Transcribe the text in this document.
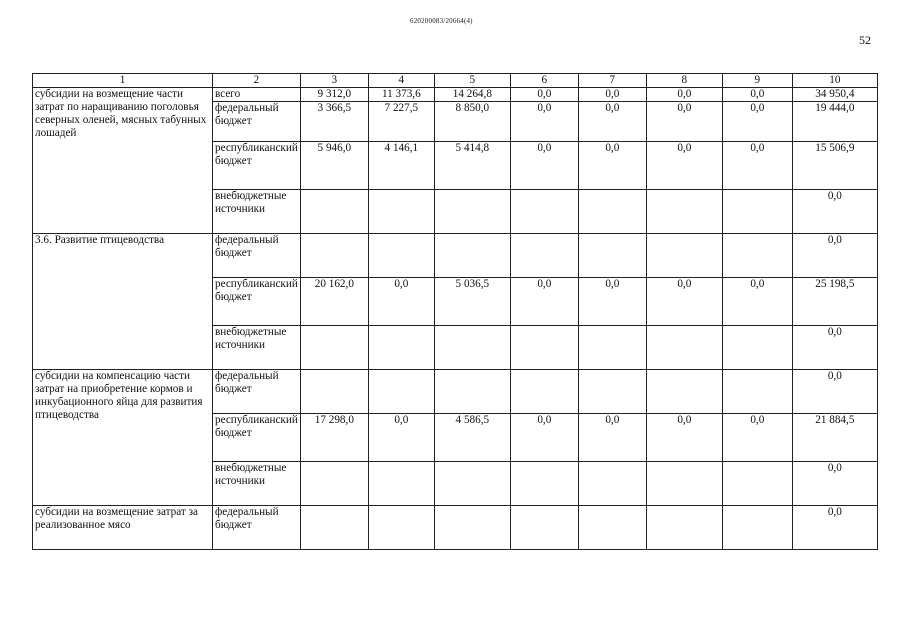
620200083/20664(4)
52
1	2	3	4	5	6	7	8	9	10
субсидии на возмещение части затрат по наращиванию поголовья северных оленей, мясных табунных лошадей	всего	9 312,0	11 373,6	14 264,8	0,0	0,0	0,0	0,0	34 950,4
	федеральный бюджет	3 366,5	7 227,5	8 850,0	0,0	0,0	0,0	0,0	19 444,0
	республиканский бюджет	5 946,0	4 146,1	5 414,8	0,0	0,0	0,0	0,0	15 506,9
	внебюджетные источники								0,0
3.6. Развитие птицеводства	федеральный бюджет								0,0
	республиканский бюджет	20 162,0	0,0	5 036,5	0,0	0,0	0,0	0,0	25 198,5
	внебюджетные источники								0,0
субсидии на компенсацию части затрат на приобретение кормов и инкубационного яйца для развития птицеводства	федеральный бюджет								0,0
	республиканский бюджет	17 298,0	0,0	4 586,5	0,0	0,0	0,0	0,0	21 884,5
	внебюджетные источники								0,0
субсидии на возмещение затрат за реализованное мясо	федеральный бюджет								0,0
